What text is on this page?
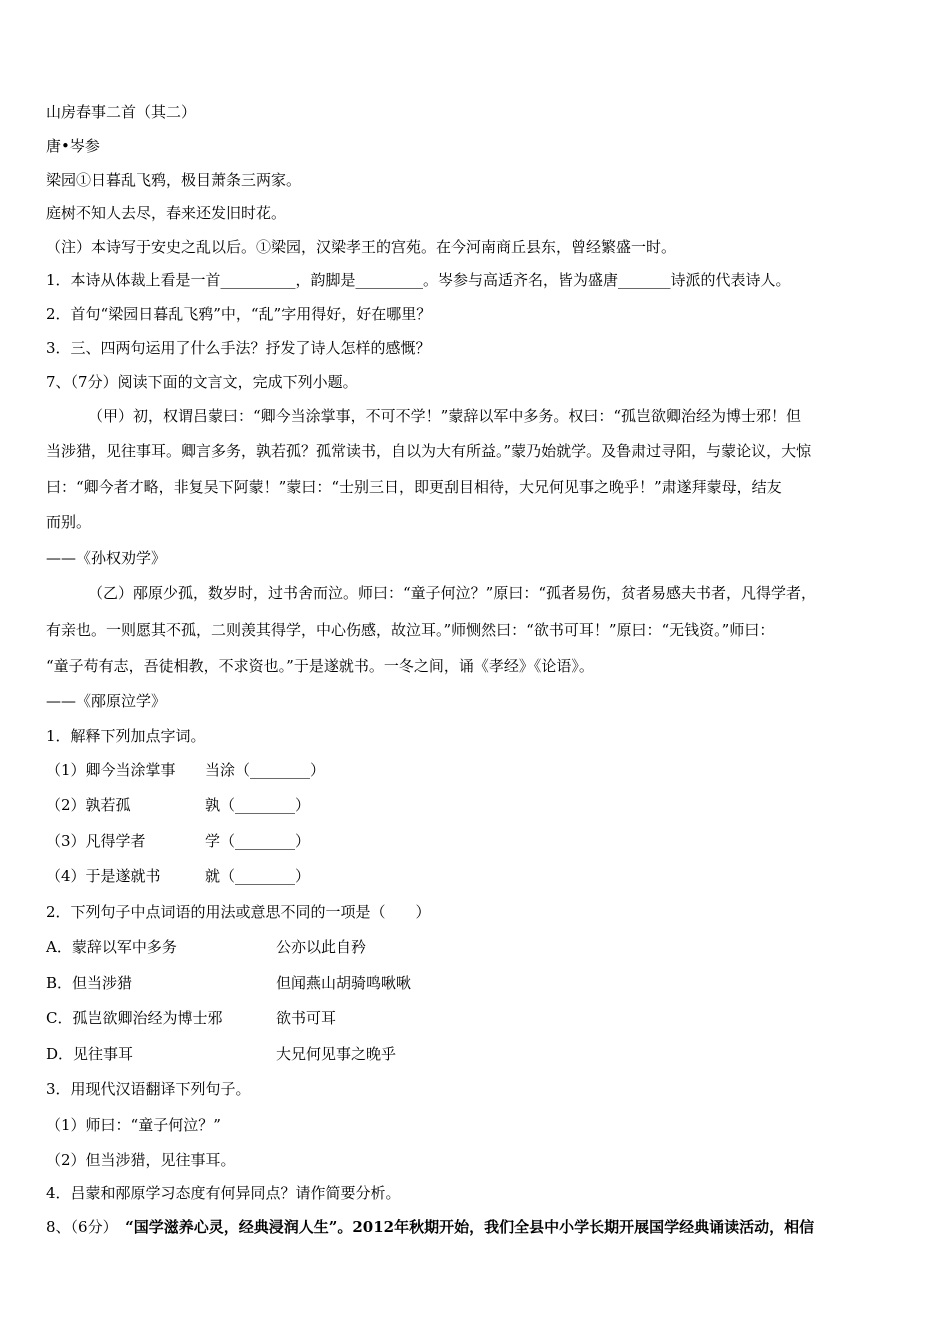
山房春事二首（其二）
唐•岑参
梁园①日暮乱飞鸦，极目萧条三两家。
庭树不知人去尽，春来还发旧时花。
（注）本诗写于安史之乱以后。①梁园，汉梁孝王的宫苑。在今河南商丘县东，曾经繁盛一时。
1．本诗从体裁上看是一首__________，韵脚是_________。岑参与高适齐名，皆为盛唐_______诗派的代表诗人。
2．首句“梁园日暮乱飞鸦”中，“乱”字用得好，好在哪里？
3．三、四两句运用了什么手法？抒发了诗人怎样的感慨？
7、（7分）阅读下面的文言文，完成下列小题。
（甲）初，权谓吕蒙曰：“卿今当涂掌事，不可不学！”蒙辞以军中多务。权曰：“孤岂欲卿治经为博士邪！但
当涉猎，见往事耳。卿言多务，孰若孤？孤常读书，自以为大有所益。”蒙乃始就学。及鲁肃过寻阳，与蒙论议，大惊
曰：“卿今者才略，非复吴下阿蒙！”蒙曰：“士别三日，即更刮目相待，大兄何见事之晚乎！”肃遂拜蒙母，结友
而别。
——《孙权劝学》
（乙）邴原少孤，数岁时，过书舍而泣。师曰：“童子何泣？”原曰：“孤者易伤，贫者易感夫书者，凡得学者，
有亲也。一则愿其不孤，二则羡其得学，中心伤感，故泣耳。”师恻然曰：“欲书可耳！”原曰：“无钱资。”师曰：
“童子苟有志，吾徒相教，不求资也。”于是遂就书。一冬之间，诵《孝经》《论语》。
——《邴原泣学》
1．解释下列加点字词。
（1）卿今当涂掌事 当涂（________）
（2）孰若孤	孰（________）
（3）凡得学者	学（________）
（4）于是遂就书	就（________）
2．下列句子中点词语的用法或意思不同的一项是（　　）
A．蒙辞以军中多务	公亦以此自矜
B．但当涉猎	但闻燕山胡骑鸣啾啾
C．孤岂欲卿治经为博士邪	欲书可耳
D．见往事耳	大兄何见事之晚乎
3．用现代汉语翻译下列句子。
（1）师曰：“童子何泣？”
（2）但当涉猎，见往事耳。
4．吕蒙和邴原学习态度有何异同点？请作简要分析。
8、（6分）　“国学滋养心灵，经典浸润人生”。2012年秋期开始，我们全县中小学长期开展国学经典诵读活动，相信
